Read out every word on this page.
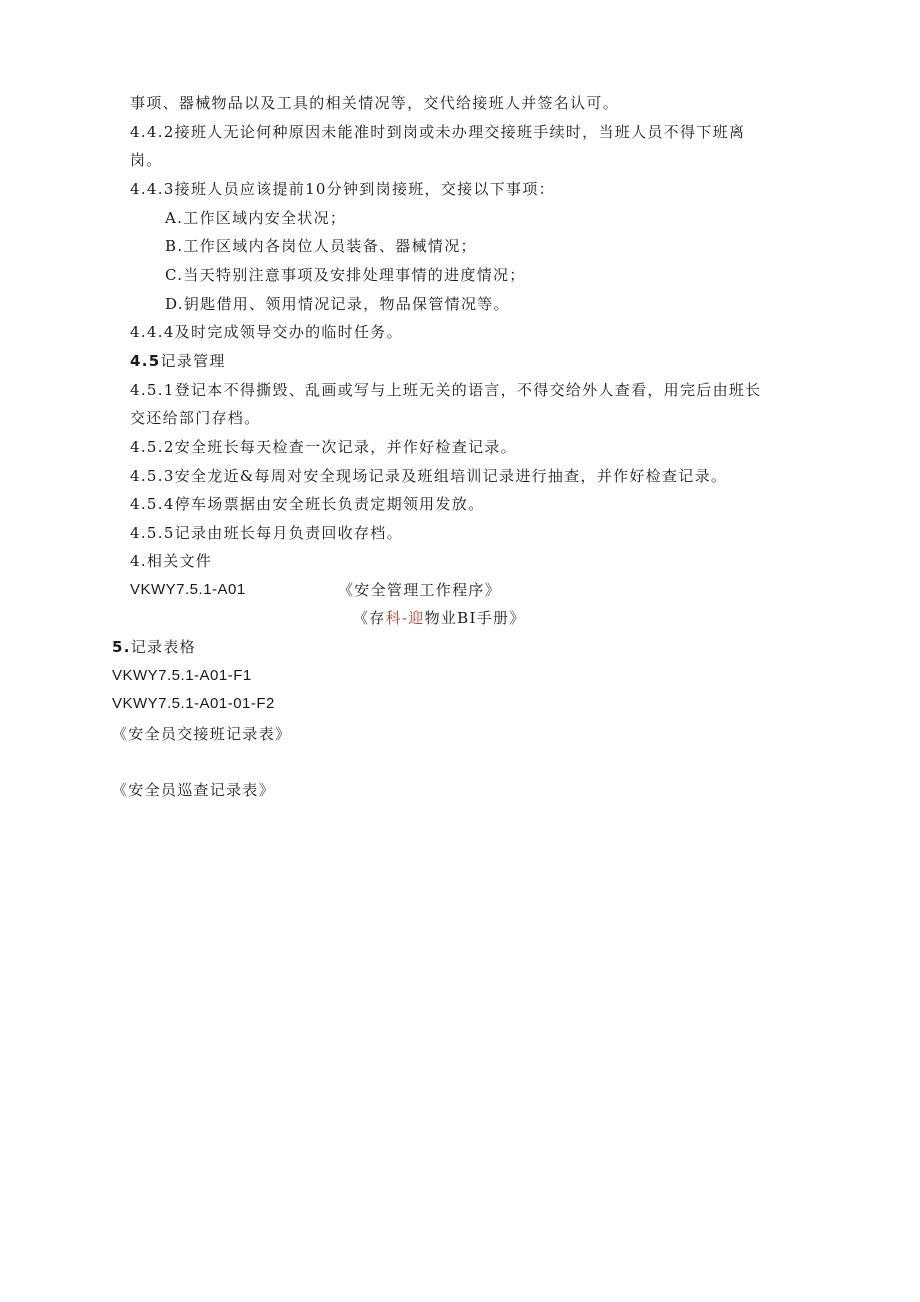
事项、器械物品以及工具的相关情况等，交代给接班人并签名认可。
4.4.2接班人无论何种原因未能准时到岗或未办理交接班手续时，当班人员不得下班离
岗。
4.4.3接班人员应该提前10分钟到岗接班，交接以下事项：
A.工作区域内安全状况；
B.工作区域内各岗位人员装备、器械情况；
C.当天特别注意事项及安排处理事情的进度情况；
D.钥匙借用、领用情况记录，物品保管情况等。
4.4.4及时完成领导交办的临时任务。
4.5记录管理
4.5.1登记本不得撕毁、乱画或写与上班无关的语言，不得交给外人查看，用完后由班长
交还给部门存档。
4.5.2安全班长每天检查一次记录，并作好检查记录。
4.5.3安全龙近&每周对安全现场记录及班组培训记录进行抽查，并作好检查记录。
4.5.4停车场票据由安全班长负责定期领用发放。
4.5.5记录由班长每月负责回收存档。
4.相关文件
VKWY7.5.1-A01	《安全管理工作程序》
《存科-迎物业BI手册》
5.记录表格
VKWY7.5.1-A01-F1
VKWY7.5.1-A01-01-F2
《安全员交接班记录表》
《安全员巡查记录表》
